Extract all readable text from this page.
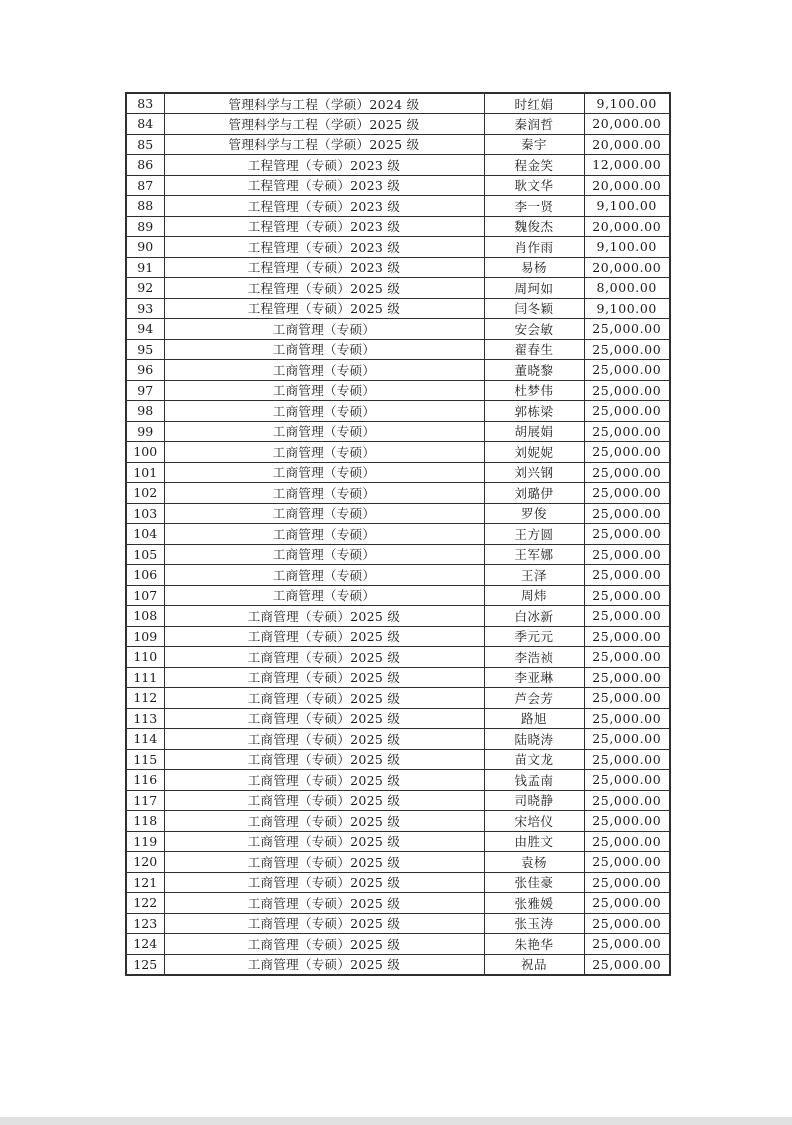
83	管理科学与工程（学硕）2024 级	时红娟	9,100.00
84	管理科学与工程（学硕）2025 级	秦润哲	20,000.00
85	管理科学与工程（学硕）2025 级	秦宇	20,000.00
86	工程管理（专硕）2023 级	程金笑	12,000.00
87	工程管理（专硕）2023 级	耿文华	20,000.00
88	工程管理（专硕）2023 级	李一贤	9,100.00
89	工程管理（专硕）2023 级	魏俊杰	20,000.00
90	工程管理（专硕）2023 级	肖作雨	9,100.00
91	工程管理（专硕）2023 级	易杨	20,000.00
92	工程管理（专硕）2025 级	周珂如	8,000.00
93	工程管理（专硕）2025 级	闫冬颖	9,100.00
94	工商管理（专硕）	安会敏	25,000.00
95	工商管理（专硕）	翟春生	25,000.00
96	工商管理（专硕）	董晓黎	25,000.00
97	工商管理（专硕）	杜梦伟	25,000.00
98	工商管理（专硕）	郭栋梁	25,000.00
99	工商管理（专硕）	胡展娟	25,000.00
100	工商管理（专硕）	刘妮妮	25,000.00
101	工商管理（专硕）	刘兴钢	25,000.00
102	工商管理（专硕）	刘璐伊	25,000.00
103	工商管理（专硕）	罗俊	25,000.00
104	工商管理（专硕）	王方圆	25,000.00
105	工商管理（专硕）	王军娜	25,000.00
106	工商管理（专硕）	王泽	25,000.00
107	工商管理（专硕）	周炜	25,000.00
108	工商管理（专硕）2025 级	白冰新	25,000.00
109	工商管理（专硕）2025 级	季元元	25,000.00
110	工商管理（专硕）2025 级	李浩祯	25,000.00
111	工商管理（专硕）2025 级	李亚琳	25,000.00
112	工商管理（专硕）2025 级	芦会芳	25,000.00
113	工商管理（专硕）2025 级	路旭	25,000.00
114	工商管理（专硕）2025 级	陆晓涛	25,000.00
115	工商管理（专硕）2025 级	苗文龙	25,000.00
116	工商管理（专硕）2025 级	钱孟南	25,000.00
117	工商管理（专硕）2025 级	司晓静	25,000.00
118	工商管理（专硕）2025 级	宋培仪	25,000.00
119	工商管理（专硕）2025 级	由胜文	25,000.00
120	工商管理（专硕）2025 级	袁杨	25,000.00
121	工商管理（专硕）2025 级	张佳豪	25,000.00
122	工商管理（专硕）2025 级	张雅媛	25,000.00
123	工商管理（专硕）2025 级	张玉涛	25,000.00
124	工商管理（专硕）2025 级	朱艳华	25,000.00
125	工商管理（专硕）2025 级	祝品	25,000.00
